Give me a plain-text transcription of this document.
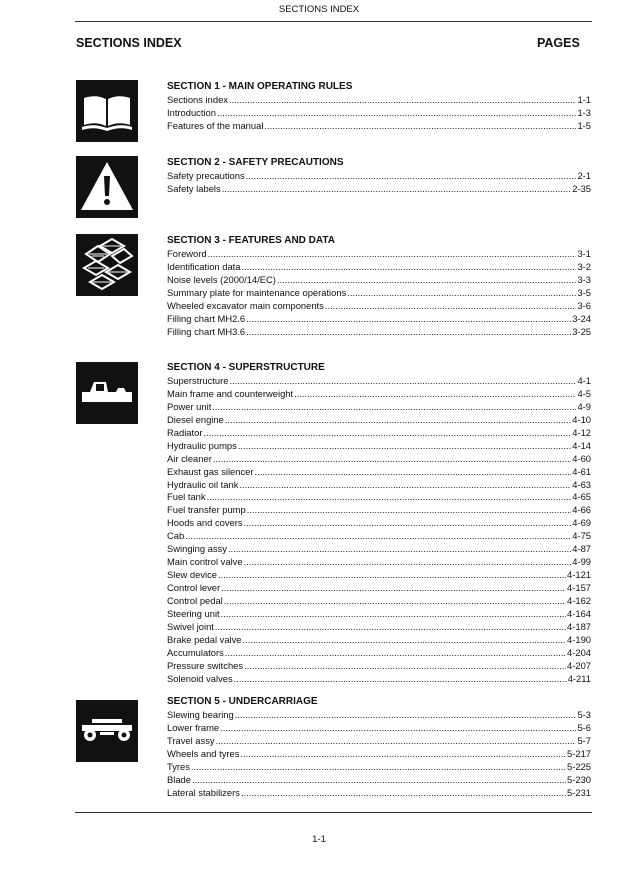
SECTIONS INDEX
SECTIONS INDEX	PAGES
SECTION 1 - MAIN OPERATING RULES
Sections index .....	1-1
Introduction .....	1-3
Features of the manual .....	1-5
SECTION 2 - SAFETY PRECAUTIONS
Safety precautions .....	2-1
Safety labels .....	2-35
SECTION 3 - FEATURES AND DATA
Foreword .....	3-1
Identification data .....	3-2
Noise levels (2000/14/EC) .....	3-3
Summary plate for maintenance operations .....	3-5
Wheeled excavator main components .....	3-6
Filling chart MH2.6 .....	3-24
Filling chart MH3.6 .....	3-25
SECTION 4 - SUPERSTRUCTURE
Superstructure .....	4-1
Main frame and counterweight .....	4-5
Power unit .....	4-9
Diesel engine .....	4-10
Radiator .....	4-12
Hydraulic pumps .....	4-14
Air cleaner .....	4-60
Exhaust gas silencer .....	4-61
Hydraulic oil tank .....	4-63
Fuel tank .....	4-65
Fuel transfer pump .....	4-66
Hoods and covers .....	4-69
Cab .....	4-75
Swinging assy .....	4-87
Main control valve .....	4-99
Slew device .....	4-121
Control lever .....	4-157
Control pedal .....	4-162
Steering unit .....	4-164
Swivel joint .....	4-187
Brake pedal valve .....	4-190
Accumulators .....	4-204
Pressure switches .....	4-207
Solenoid valves .....	4-211
SECTION 5 - UNDERCARRIAGE
Slewing bearing .....	5-3
Lower frame .....	5-6
Travel assy .....	5-7
Wheels and tyres .....	5-217
Tyres .....	5-225
Blade .....	5-230
Lateral stabilizers .....	5-231
1-1
